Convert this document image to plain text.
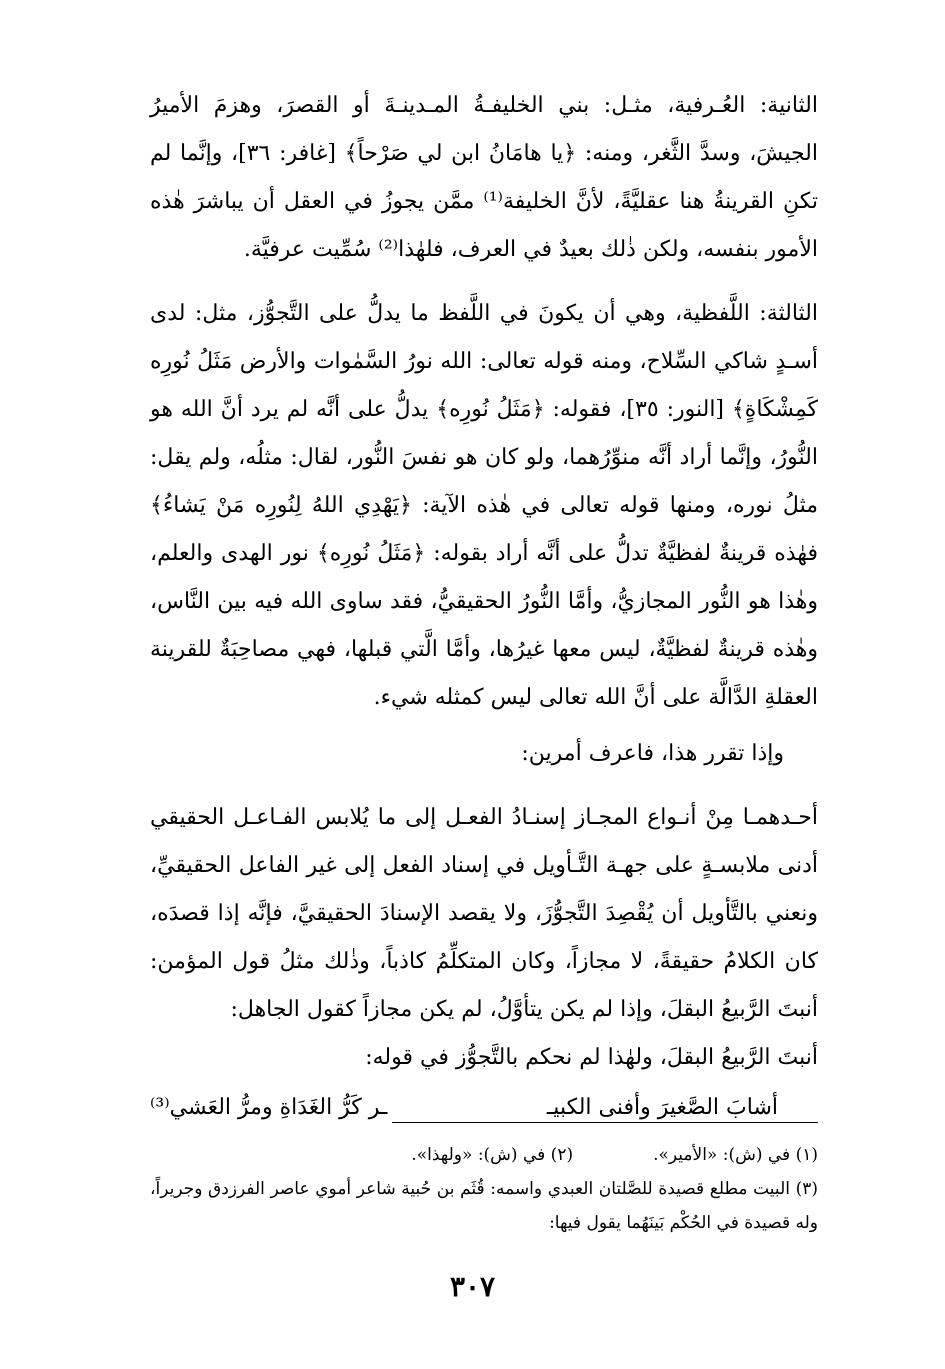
الثانية: العُـرفية، مثـل: بني الخليفـةُ المـدينـةَ أو القصرَ، وهزمَ الأميرُ الجيشَ، وسدَّ الثَّغر، ومنه: ﴿يا هامَانُ ابن لي صَرْحاً﴾ [غافر: ٣٦]، وإنَّما لم تكنِ القرينةُ هنا عقليَّةً، لأنَّ الخليفة⁽¹⁾ ممَّن يجوزُ في العقل أن يباشرَ هٰذه الأمور بنفسه، ولكن ذٰلك بعيدٌ في العرف، فلهٰذا⁽²⁾ سُمِّيت عرفيَّة.

الثالثة: اللَّفظية، وهي أن يكونَ في اللَّفظ ما يدلُّ على التَّجوُّز، مثل: لدى أسـدٍ شاكي السِّلاح، ومنه قوله تعالى: الله نورُ السَّمٰوات والأرض مَثَلُ نُورِه كَمِشْكَاةٍ﴾ [النور: ٣٥]، فقوله: ﴿مَثَلُ نُورِه﴾ يدلُّ على أنَّه لم يرد أنَّ الله هو النُّورُ، وإنَّما أراد أنَّه منوِّرُهما، ولو كان هو نفسَ النُّور، لقال: مثلُه، ولم يقل: مثلُ نوره، ومنها قوله تعالى في هٰذه الآية: ﴿يَهْدِي اللهُ لِنُورِه مَنْ يَشاءُ﴾ فهٰذه قرينةٌ لفظيَّةٌ تدلُّ على أنَّه أراد بقوله: ﴿مَثَلُ نُورِه﴾ نور الهدى والعلم، وهٰذا هو النُّور المجازيُّ، وأمَّا النُّورُ الحقيقيُّ، فقد ساوى الله فيه بين النَّاس، وهٰذه قرينةٌ لفظيَّةٌ، ليس معها غيرُها، وأمَّا الَّتي قبلها، فهي مصاحِبَةٌ للقرينة العقلةِ الدَّالَّة على أنَّ الله تعالى ليس كمثله شيء.

وإذا تقرر هذا، فاعرف أمرين:

أحـدهمـا مِنْ أنـواع المجـاز إسنـادُ الفعـل إلى ما يُلابس الفـاعـل الحقيقي أدنى ملابسـةٍ على جهـة التَّـأويل في إسناد الفعل إلى غير الفاعل الحقيقيِّ، ونعني بالتَّأويل أن يُقْصِدَ التَّجوُّزَ، ولا يقصد الإسنادَ الحقيقيَّ، فإنَّه إذا قصدَه، كان الكلامُ حقيقةً، لا مجازاً، وكان المتكلِّمُ كاذباً، وذٰلك مثلُ قول المؤمن: أنبتَ الرَّبيعُ البقلَ، وإذا لم يكن يتأوَّلُ، لم يكن مجازاً كقول الجاهل:

أنبتَ الرَّبيعُ البقلَ، ولهٰذا لم نحكم بالتَّجوُّز في قوله:

أشابَ الصَّغيرَ وأفنى الكبيـ
ـر كَرُّ الغَدَاةِ ومرُّ العَشي⁽³⁾

(١) في (ش): «الأمير».

(٢) في (ش): «ولهذا».

(٣) البيت مطلع قصيدة للصَّلتان العبدي واسمه: قُثَم بن حُبية شاعر أموي عاصر الفرزدق وجريراً، وله قصيدة في الحُكْم بَينَهُما يقول فيها:

٣٠٧
